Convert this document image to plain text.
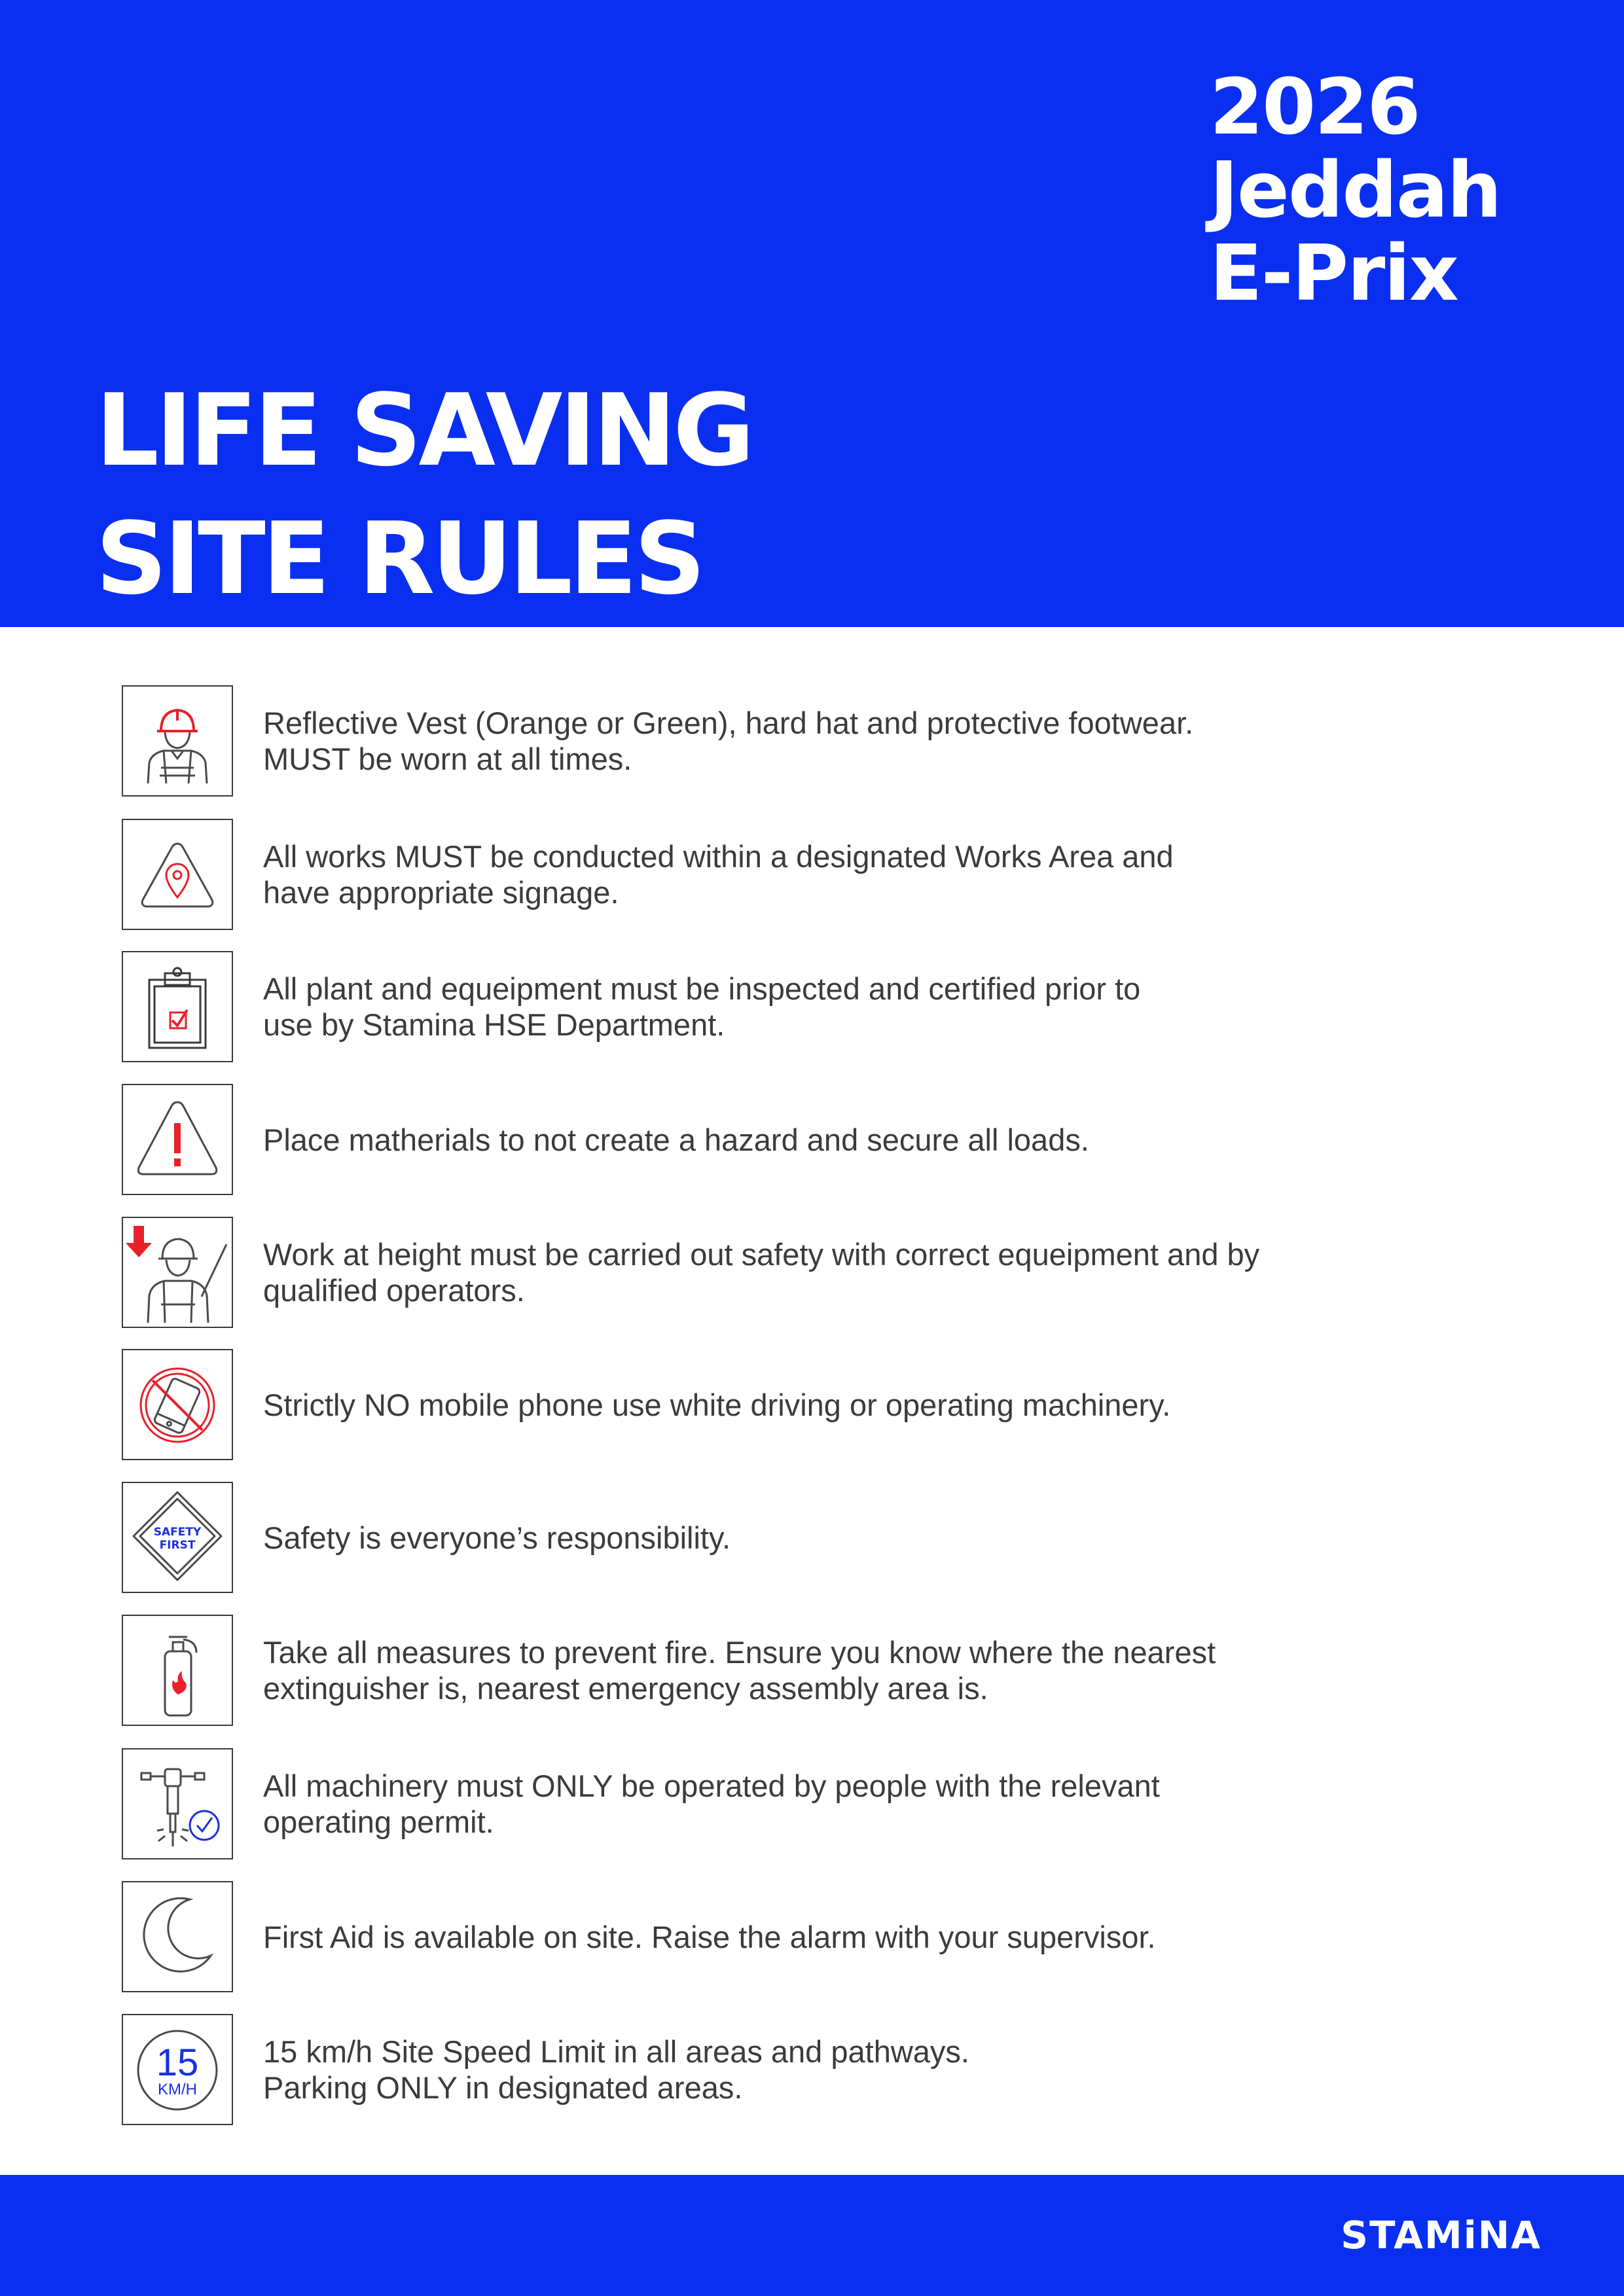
2026
Jeddah
E-Prix
LIFE SAVING
SITE RULES
Reflective Vest (Orange or Green), hard hat and protective footwear.
MUST be worn at all times.
All works MUST be conducted within a designated Works Area and
have appropriate signage.
All plant and equeipment must be inspected and certified prior to
use by Stamina HSE Department.
Place matherials to not create a hazard and secure all loads.
Work at height must be carried out safety with correct equeipment and by
qualified operators.
Strictly NO mobile phone use white driving or operating machinery.
SAFETY
FIRST Safety is everyone’s responsibility.
Take all measures to prevent fire. Ensure you know where the nearest
extinguisher is, nearest emergency assembly area is.
All machinery must ONLY be operated by people with the relevant
operating permit.
First Aid is available on site. Raise the alarm with your supervisor.
15
KM/H
15 km/h Site Speed Limit in all areas and pathways.
Parking ONLY in designated areas.
STAMiNA
